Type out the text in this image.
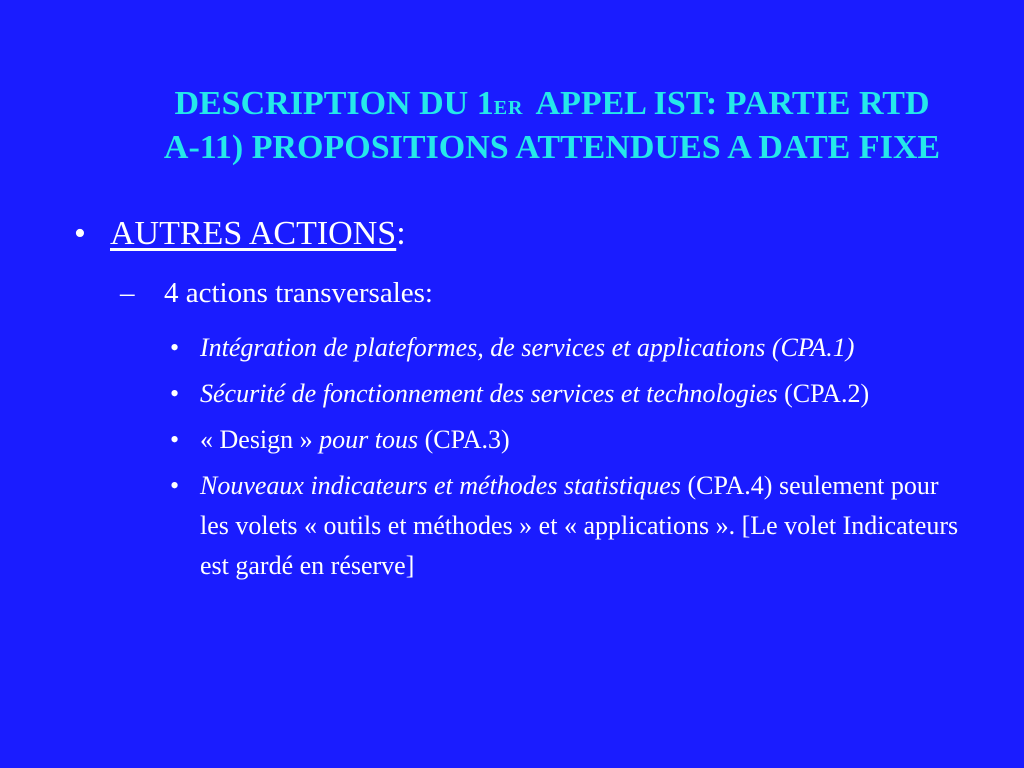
DESCRIPTION DU 1ER APPEL IST: PARTIE RTD
A-11) PROPOSITIONS ATTENDUES A DATE FIXE
• AUTRES ACTIONS:
– 4 actions transversales:
• Intégration de plateformes, de services et applications (CPA.1)
• Sécurité de fonctionnement des services et technologies (CPA.2)
• « Design » pour tous (CPA.3)
• Nouveaux indicateurs et méthodes statistiques (CPA.4) seulement pour les volets « outils et méthodes » et « applications ». [Le volet Indicateurs est gardé en réserve]
